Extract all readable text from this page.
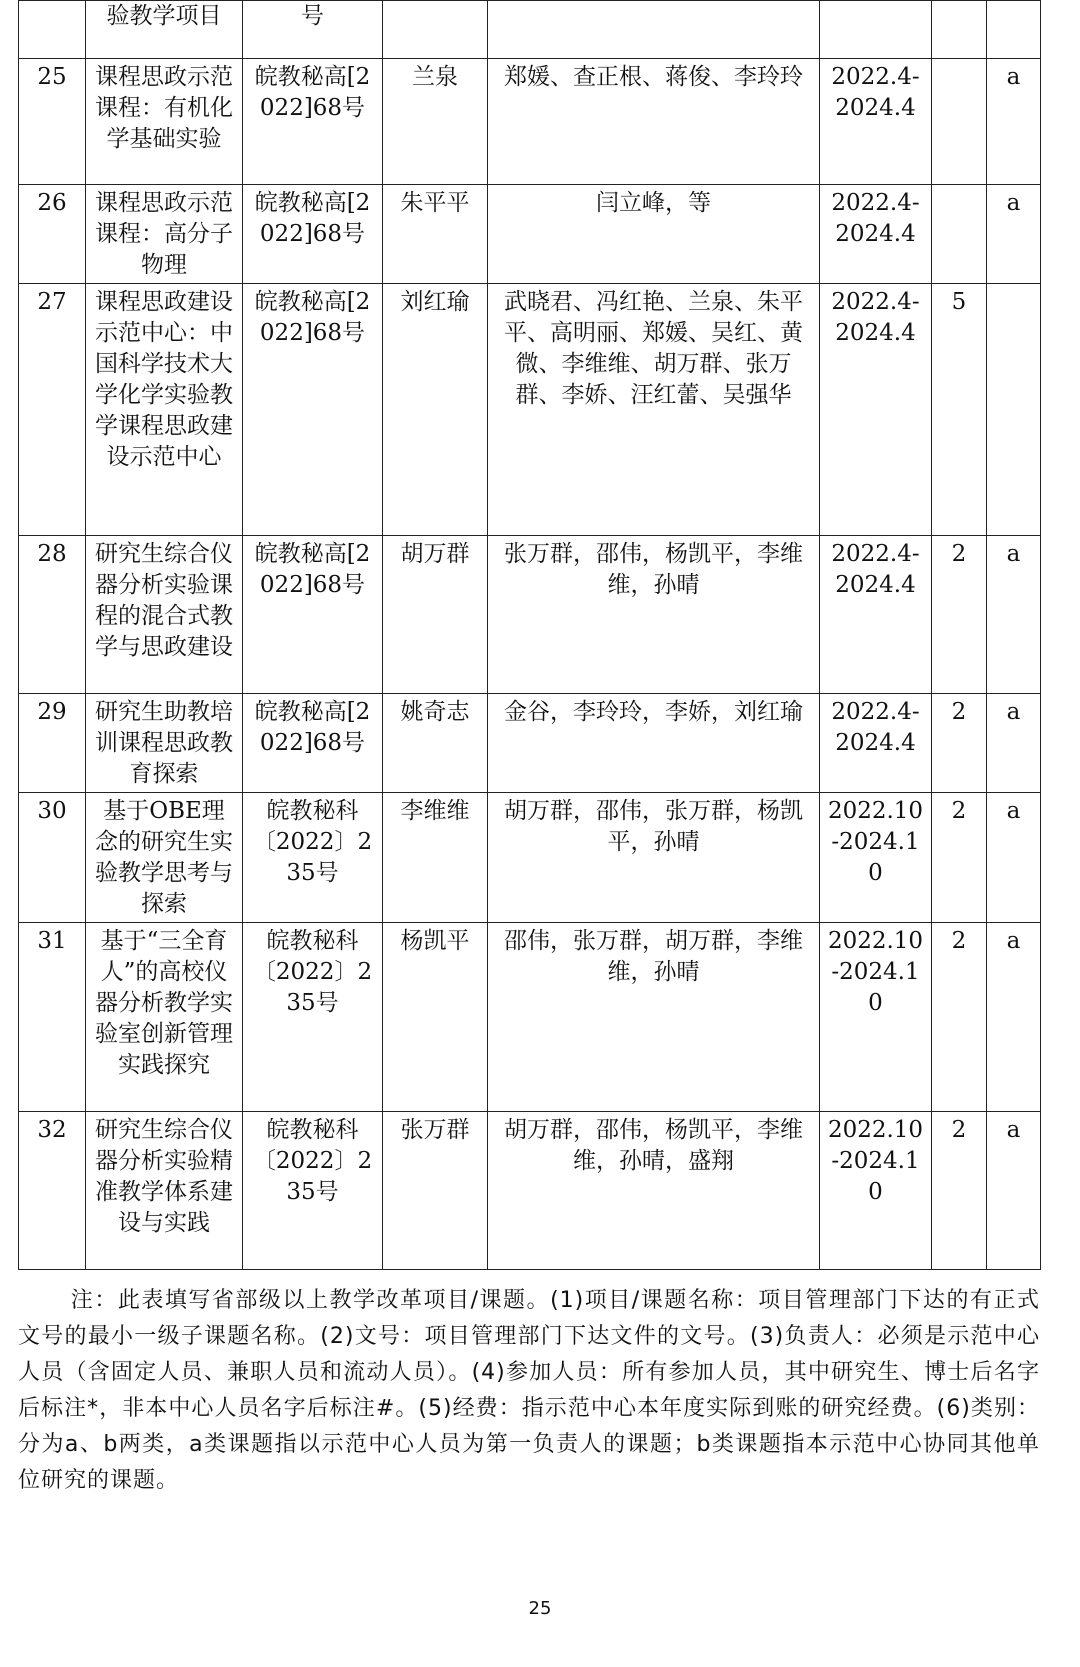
	验教学项目	号					
25	课程思政示范课程：有机化学基础实验	皖教秘高[2022]68号	兰泉	郑媛、查正根、蒋俊、李玲玲	2022.4-2024.4		a
26	课程思政示范课程：高分子物理	皖教秘高[2022]68号	朱平平	闫立峰，等	2022.4-2024.4		a
27	课程思政建设示范中心：中国科学技术大学化学实验教学课程思政建设示范中心	皖教秘高[2022]68号	刘红瑜	武晓君、冯红艳、兰泉、朱平平、高明丽、郑媛、吴红、黄微、李维维、胡万群、张万群、李娇、汪红蕾、吴强华	2022.4-2024.4	5	
28	研究生综合仪器分析实验课程的混合式教学与思政建设	皖教秘高[2022]68号	胡万群	张万群，邵伟，杨凯平，李维维，孙晴	2022.4-2024.4	2	a
29	研究生助教培训课程思政教育探索	皖教秘高[2022]68号	姚奇志	金谷，李玲玲，李娇，刘红瑜	2022.4-2024.4	2	a
30	基于OBE理念的研究生实验教学思考与探索	皖教秘科〔2022〕235号	李维维	胡万群，邵伟，张万群，杨凯平，孙晴	2022.10-2024.10	2	a
31	基于“三全育人”的高校仪器分析教学实验室创新管理实践探究	皖教秘科〔2022〕235号	杨凯平	邵伟，张万群，胡万群，李维维，孙晴	2022.10-2024.10	2	a
32	研究生综合仪器分析实验精准教学体系建设与实践	皖教秘科〔2022〕235号	张万群	胡万群，邵伟，杨凯平，李维维，孙晴，盛翔	2022.10-2024.10	2	a
注：此表填写省部级以上教学改革项目/课题。(1)项目/课题名称：项目管理部门下达的有正式文号的最小一级子课题名称。(2)文号：项目管理部门下达文件的文号。(3)负责人：必须是示范中心人员（含固定人员、兼职人员和流动人员）。(4)参加人员：所有参加人员，其中研究生、博士后名字后标注*，非本中心人员名字后标注#。(5)经费：指示范中心本年度实际到账的研究经费。(6)类别：分为a、b两类，a类课题指以示范中心人员为第一负责人的课题；b类课题指本示范中心协同其他单位研究的课题。
25
